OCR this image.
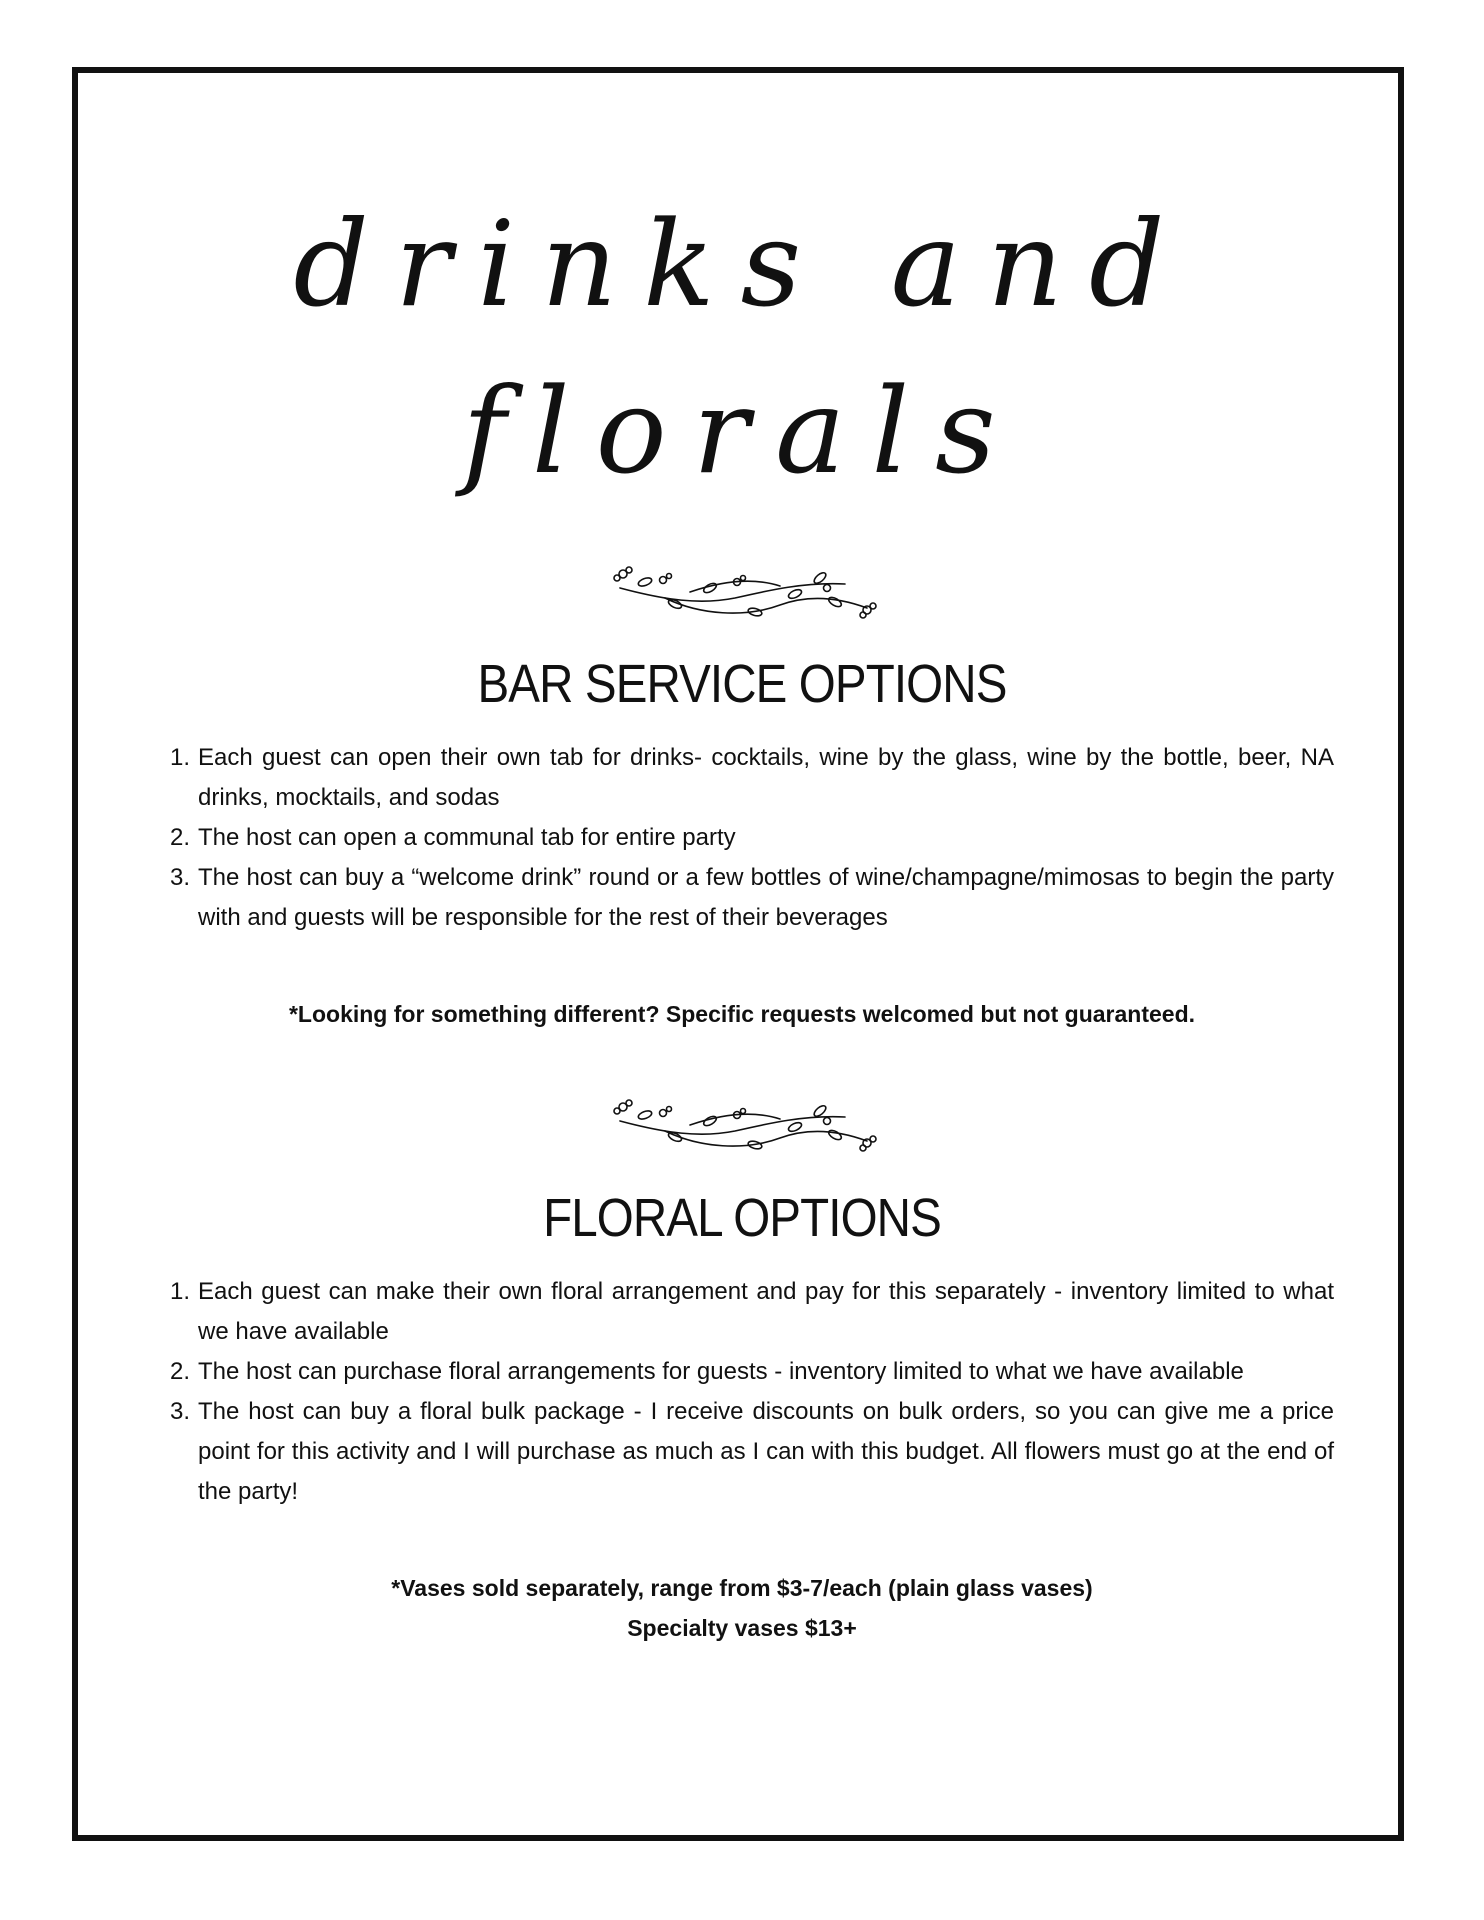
drinks and
florals
BAR SERVICE OPTIONS
1. Each guest can open their own tab for drinks- cocktails, wine by the glass, wine by the bottle, beer, NA drinks, mocktails, and sodas
2. The host can open a communal tab for entire party
3. The host can buy a “welcome drink” round or a few bottles of wine/champagne/mimosas to begin the party with and guests will be responsible for the rest of their beverages
*Looking for something different? Specific requests welcomed but not guaranteed.
FLORAL OPTIONS
1. Each guest can make their own floral arrangement and pay for this separately - inventory limited to what we have available
2. The host can purchase floral arrangements for guests - inventory limited to what we have available
3. The host can buy a floral bulk package - I receive discounts on bulk orders, so you can give me a price point for this activity and I will purchase as much as I can with this budget. All flowers must go at the end of the party!
*Vases sold separately, range from $3-7/each (plain glass vases)
Specialty vases $13+
